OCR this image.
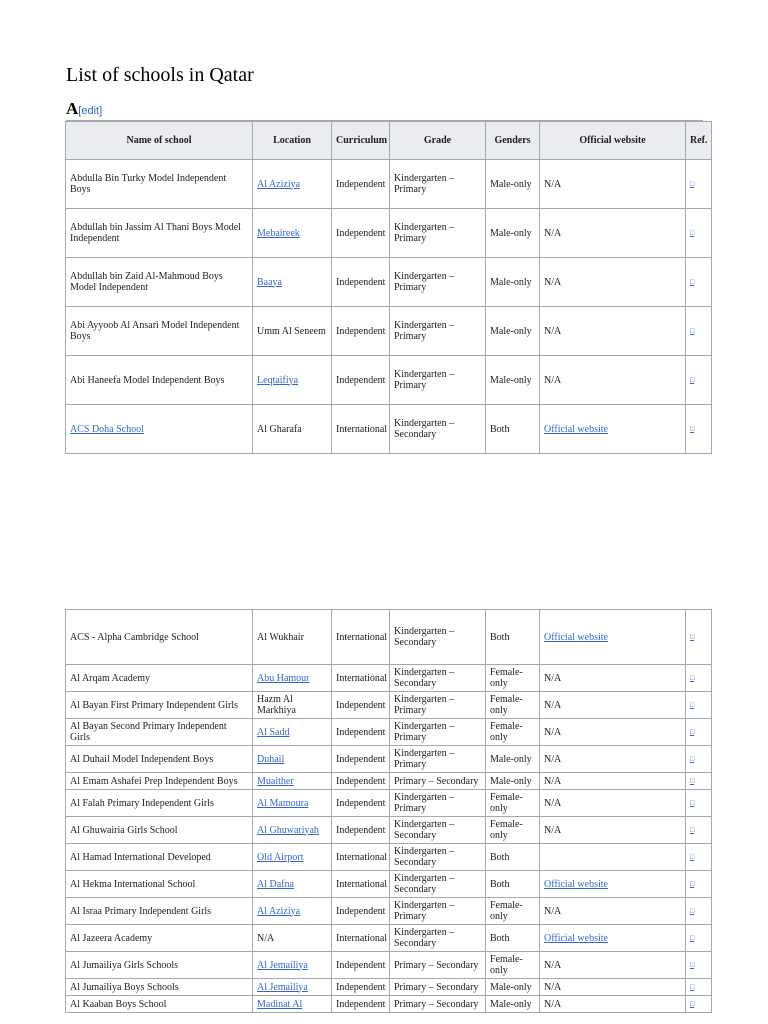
List of schools in Qatar
A[edit]
Name of school	Location	Curriculum	Grade	Genders	Official website	Ref.
Abdulla Bin Turky Model Independent Boys	Al Aziziya	Independent	Kindergarten – Primary	Male-only	N/A	□
Abdullah bin Jassim Al Thani Boys Model Independent	Mebaireek	Independent	Kindergarten – Primary	Male-only	N/A	□
Abdullah bin Zaid Al-Mahmoud Boys Model Independent	Baaya	Independent	Kindergarten – Primary	Male-only	N/A	□
Abi Ayyoob Al Ansari Model Independent Boys	Umm Al Seneem	Independent	Kindergarten – Primary	Male-only	N/A	□
Abi Haneefa Model Independent Boys	Leqtaifiya	Independent	Kindergarten – Primary	Male-only	N/A	□
ACS Doha School	Al Gharafa	International	Kindergarten – Secondary	Both	Official website	□
ACS - Alpha Cambridge School	Al Wukhair	International	Kindergarten – Secondary	Both	Official website	□
Al Arqam Academy	Abu Hamour	International	Kindergarten – Secondary	Female-only	N/A	□
Al Bayan First Primary Independent Girls	Hazm Al Markhiya	Independent	Kindergarten – Primary	Female-only	N/A	□
Al Bayan Second Primary Independent Girls	Al Sadd	Independent	Kindergarten – Primary	Female-only	N/A	□
Al Duhail Model Independent Boys	Duhail	Independent	Kindergarten – Primary	Male-only	N/A	□
Al Emam Ashafei Prep Independent Boys	Muaither	Independent	Primary – Secondary	Male-only	N/A	□
Al Falah Primary Independent Girls	Al Mamoura	Independent	Kindergarten – Primary	Female-only	N/A	□
Al Ghuwairia Girls School	Al Ghuwariyah	Independent	Kindergarten – Secondary	Female-only	N/A	□
Al Hamad International Developed	Old Airport	International	Kindergarten – Secondary	Both		□
Al Hekma International School	Al Dafna	International	Kindergarten – Secondary	Both	Official website	□
Al Israa Primary Independent Girls	Al Aziziya	Independent	Kindergarten – Primary	Female-only	N/A	□
Al Jazeera Academy	N/A	International	Kindergarten – Secondary	Both	Official website	□
Al Jumailiya Girls Schools	Al Jemailiya	Independent	Primary – Secondary	Female-only	N/A	□
Al Jumailiya Boys Schools	Al Jemailiya	Independent	Primary – Secondary	Male-only	N/A	□
Al Kaaban Boys School	Madinat Al	Independent	Primary – Secondary	Male-only	N/A	□
